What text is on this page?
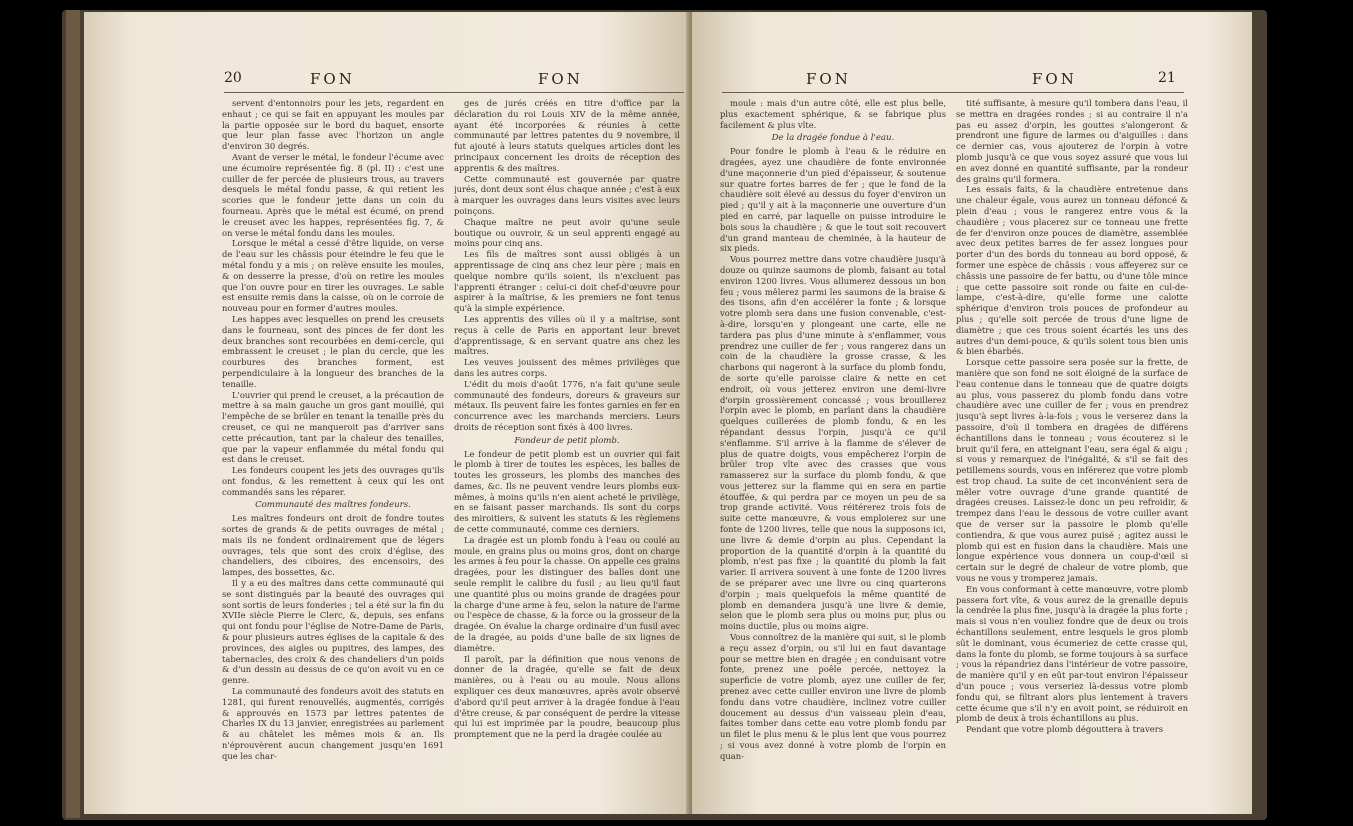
20	FON	FON

servent d'entonnoirs pour les jets, regardent en enhaut ; ce qui se fait en appuyant les moules par la partie opposée sur le bord du baquet, ensorte que leur plan fasse avec l'horizon un angle d'environ 30 degrés.

Avant de verser le métal, le fondeur l'écume avec une écumoire représentée fig. 8 (pl. II) : c'est une cuiller de fer percée de plusieurs trous, au travers desquels le métal fondu passe, & qui retient les scories que le fondeur jette dans un coin du fourneau. Après que le métal est écumé, on prend le creuset avec les happes, représentées fig. 7, & on verse le métal fondu dans les moules.

Lorsque le métal a cessé d'être liquide, on verse de l'eau sur les châssis pour éteindre le feu que le métal fondu y a mis ; on relève ensuite les moules, & on desserre la presse, d'où on retire les moules que l'on ouvre pour en tirer les ouvrages. Le sable est ensuite remis dans la caisse, où on le corroie de nouveau pour en former d'autres moules.

Les happes avec lesquelles on prend les creusets dans le fourneau, sont des pinces de fer dont les deux branches sont recourbées en demi-cercle, qui embrassent le creuset ; le plan du cercle, que les courbures des branches forment, est perpendiculaire à la longueur des branches de la tenaille.

L'ouvrier qui prend le creuset, a la précaution de mettre à sa main gauche un gros gant mouillé, qui l'empêche de se brûler en tenant la tenaille près du creuset, ce qui ne manqueroit pas d'arriver sans cette précaution, tant par la chaleur des tenailles, que par la vapeur enflammée du métal fondu qui est dans le creuset.

Les fondeurs coupent les jets des ouvrages qu'ils ont fondus, & les remettent à ceux qui les ont commandés sans les réparer.

Communauté des maîtres fondeurs.

Les maîtres fondeurs ont droit de fondre toutes sortes de grands & de petits ouvrages de métal ; mais ils ne fondent ordinairement que de légers ouvrages, tels que sont des croix d'église, des chandeliers, des ciboires, des encensoirs, des lampes, des bossettes, &c.

Il y a eu des maîtres dans cette communauté qui se sont distingués par la beauté des ouvrages qui sont sortis de leurs fonderies ; tel a été sur la fin du XVIIe siècle Pierre le Clerc, &, depuis, ses enfans qui ont fondu pour l'église de Notre-Dame de Paris, & pour plusieurs autres églises de la capitale & des provinces, des aigles ou pupitres, des lampes, des tabernacles, des croix & des chandeliers d'un poids & d'un dessin au dessus de ce qu'on avoit vu en ce genre.

La communauté des fondeurs avoit des statuts en 1281, qui furent renouvellés, augmentés, corrigés & approuvés en 1573 par lettres patentes de Charles IX du 13 janvier, enregistrées au parlement & au châtelet les mêmes mois & an. Ils n'éprouvèrent aucun changement jusqu'en 1691 que les char-

ges de jurés créés en titre d'office par la déclaration du roi Louis XIV de la même année, ayant été incorporées & réunies à cette communauté par lettres patentes du 9 novembre, il fut ajouté à leurs statuts quelques articles dont les principaux concernent les droits de réception des apprentis & des maîtres.

Cette communauté est gouvernée par quatre jurés, dont deux sont élus chaque année ; c'est à eux à marquer les ouvrages dans leurs visites avec leurs poinçons.

Chaque maître ne peut avoir qu'une seule boutique ou ouvroir, & un seul apprenti engagé au moins pour cinq ans.

Les fils de maîtres sont aussi obligés à un apprentissage de cinq ans chez leur père ; mais en quelque nombre qu'ils soient, ils n'excluent pas l'apprenti étranger : celui-ci doit chef-d'œuvre pour aspirer à la maîtrise, & les premiers ne font tenus qu'à la simple expérience.

Les apprentis des villes où il y a maîtrise, sont reçus à celle de Paris en apportant leur brevet d'apprentissage, & en servant quatre ans chez les maîtres.

Les veuves jouissent des mêmes privilèges que dans les autres corps.

L'édit du mois d'août 1776, n'a fait qu'une seule communauté des fondeurs, doreurs & graveurs sur métaux. Ils peuvent faire les fontes garnies en fer en concurrence avec les marchands merciers. Leurs droits de réception sont fixés à 400 livres.

Fondeur de petit plomb.

Le fondeur de petit plomb est un ouvrier qui fait le plomb à tirer de toutes les espèces, les balles de toutes les grosseurs, les plombs des manches des dames, &c. Ils ne peuvent vendre leurs plombs eux-mêmes, à moins qu'ils n'en aient acheté le privilège, en se faisant passer marchands. Ils sont du corps des miroitiers, & suivent les statuts & les règlemens de cette communauté, comme ces derniers.

La dragée est un plomb fondu à l'eau ou coulé au moule, en grains plus ou moins gros, dont on charge les armes à feu pour la chasse. On appelle ces grains dragées, pour les distinguer des balles dont une seule remplit le calibre du fusil ; au lieu qu'il faut une quantité plus ou moins grande de dragées pour la charge d'une arme à feu, selon la nature de l'arme ou l'espèce de chasse, & la force ou la grosseur de la dragée. On évalue la charge ordinaire d'un fusil avec de la dragée, au poids d'une balle de six lignes de diamètre.

Il paroît, par la définition que nous venons de donner de la dragée, qu'elle se fait de deux manières, ou à l'eau ou au moule. Nous allons expliquer ces deux manœuvres, après avoir observé d'abord qu'il peut arriver à la dragée fondue à l'eau d'être creuse, & par conséquent de perdre la vitesse qui lui est imprimée par la poudre, beaucoup plus promptement que ne la perd la dragée coulée au

FON	FON	21

moule : mais d'un autre côté, elle est plus belle, plus exactement sphérique, & se fabrique plus facilement & plus vîte.

De la dragée fondue à l'eau.

Pour fondre le plomb à l'eau & le réduire en dragées, ayez une chaudière de fonte environnée d'une maçonnerie d'un pied d'épaisseur, & soutenue sur quatre fortes barres de fer ; que le fond de la chaudière soit élevé au dessus du foyer d'environ un pied ; qu'il y ait à la maçonnerie une ouverture d'un pied en carré, par laquelle on puisse introduire le bois sous la chaudière ; & que le tout soit recouvert d'un grand manteau de cheminée, à la hauteur de six pieds.

Vous pourrez mettre dans votre chaudière jusqu'à douze ou quinze saumons de plomb, faisant au total environ 1200 livres. Vous allumerez dessous un bon feu ; vous mêlerez parmi les saumons de la braise & des tisons, afin d'en accélérer la fonte ; & lorsque votre plomb sera dans une fusion convenable, c'est-à-dire, lorsqu'en y plongeant une carte, elle ne tardera pas plus d'une minute à s'enflammer, vous prendrez une cuiller de fer ; vous rangerez dans un coin de la chaudière la grosse crasse, & les charbons qui nageront à la surface du plomb fondu, de sorte qu'elle paroisse claire & nette en cet endroit, où vous jetterez environ une demi-livre d'orpin grossièrement concassé ; vous brouillerez l'orpin avec le plomb, en parlant dans la chaudière quelques cuillerées de plomb fondu, & en les répandant dessus l'orpin, jusqu'à ce qu'il s'enflamme. S'il arrive à la flamme de s'élever de plus de quatre doigts, vous empêcherez l'orpin de brûler trop vîte avec des crasses que vous ramasserez sur la surface du plomb fondu, & que vous jetterez sur la flamme qui en sera en partie étouffée, & qui perdra par ce moyen un peu de sa trop grande activité. Vous réitérerez trois fois de suite cette manœuvre, & vous emploierez sur une fonte de 1200 livres, telle que nous la supposons ici, une livre & demie d'orpin au plus. Cependant la proportion de la quantité d'orpin à la quantité du plomb, n'est pas fixe ; la quantité du plomb la fait varier. Il arrivera souvent à une fonte de 1200 livres de se préparer avec une livre ou cinq quarterons d'orpin ; mais quelquefois la même quantité de plomb en demandera jusqu'à une livre & demie, selon que le plomb sera plus ou moins pur, plus ou moins ductile, plus ou moins aigre.

Vous connoîtrez de la manière qui suit, si le plomb a reçu assez d'orpin, ou s'il lui en faut davantage pour se mettre bien en dragée ; en conduisant votre fonte, prenez une poêle percée, nettoyez la superficie de votre plomb, ayez une cuiller de fer, prenez avec cette cuiller environ une livre de plomb fondu dans votre chaudière, inclinez votre cuiller doucement au dessus d'un vaisseau plein d'eau, faites tomber dans cette eau votre plomb fondu par un filet le plus menu & le plus lent que vous pourrez ; si vous avez donné à votre plomb de l'orpin en quan-

tité suffisante, à mesure qu'il tombera dans l'eau, il se mettra en dragées rondes ; si au contraire il n'a pas eu assez d'orpin, les gouttes s'alongeront & prendront une figure de larmes ou d'aiguilles : dans ce dernier cas, vous ajouterez de l'orpin à votre plomb jusqu'à ce que vous soyez assuré que vous lui en avez donné en quantité suffisante, par la rondeur des grains qu'il formera.

Les essais faits, & la chaudière entretenue dans une chaleur égale, vous aurez un tonneau défoncé & plein d'eau ; vous le rangerez entre vous & la chaudière ; vous placerez sur ce tonneau une frette de fer d'environ onze pouces de diamètre, assemblée avec deux petites barres de fer assez longues pour porter d'un des bords du tonneau au bord opposé, & former une espèce de châssis : vous affeyerez sur ce châssis une passoire de fer battu, ou d'une tôle mince ; que cette passoire soit ronde ou faite en cul-de-lampe, c'est-à-dire, qu'elle forme une calotte sphérique d'environ trois pouces de profondeur au plus ; qu'elle soit percée de trous d'une ligne de diamètre ; que ces trous soient écartés les uns des autres d'un demi-pouce, & qu'ils soient tous bien unis & bien ébarbés.

Lorsque cette passoire sera posée sur la frette, de manière que son fond ne soit éloigné de la surface de l'eau contenue dans le tonneau que de quatre doigts au plus, vous passerez du plomb fondu dans votre chaudière avec une cuiller de fer ; vous en prendrez jusqu'à sept livres à-la-fois ; vous le verserez dans la passoire, d'où il tombera en dragées de différens échantillons dans le tonneau ; vous écouterez si le bruit qu'il fera, en atteignant l'eau, sera égal & aigu ; si vous y remarquez de l'inégalité, & s'il se fait des petillemens sourds, vous en inférerez que votre plomb est trop chaud. La suite de cet inconvénient sera de mêler votre ouvrage d'une grande quantité de dragées creuses. Laissez-le donc un peu refroidir, & trempez dans l'eau le dessous de votre cuiller avant que de verser sur la passoire le plomb qu'elle contiendra, & que vous aurez puisé ; agitez aussi le plomb qui est en fusion dans la chaudière. Mais une longue expérience vous donnera un coup-d'œil si certain sur le degré de chaleur de votre plomb, que vous ne vous y tromperez jamais.

En vous conformant à cette manœuvre, votre plomb passera fort vîte, & vous aurez de la grenaille depuis la cendrée la plus fine, jusqu'à la dragée la plus forte ; mais si vous n'en vouliez fondre que de deux ou trois échantillons seulement, entre lesquels le gros plomb sût le dominant, vous écumeriez de cette crasse qui, dans la fonte du plomb, se forme toujours à sa surface ; vous la répandriez dans l'intérieur de votre passoire, de manière qu'il y en eût par-tout environ l'épaisseur d'un pouce ; vous verseriez là-dessus votre plomb fondu qui, se filtrant alors plus lentement à travers cette écume que s'il n'y en avoit point, se réduiroit en plomb de deux à trois échantillons au plus.

Pendant que votre plomb dégouttera à travers
